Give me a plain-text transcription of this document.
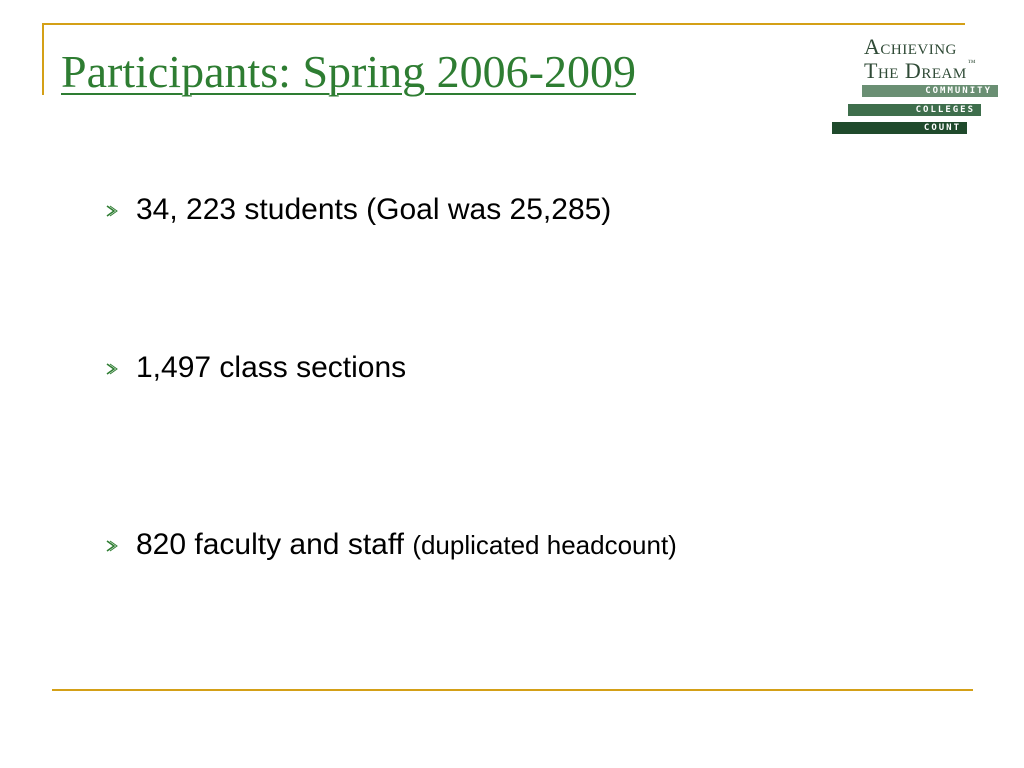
Participants: Spring 2006-2009	Achieving
The Dream™
COMMUNITY
COLLEGES
COUNT
34, 223 students (Goal was 25,285)
1,497 class sections
820 faculty and staff (duplicated headcount)
